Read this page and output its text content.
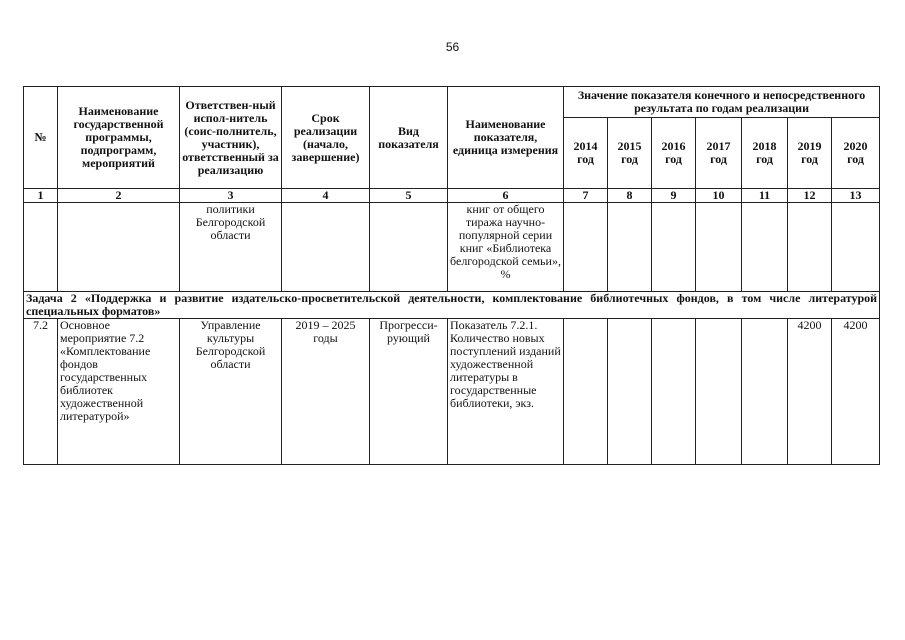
56
№	Наименование государственной программы, подпрограмм, мероприятий	Ответствен-ный испол-нитель (соис-полнитель, участник), ответственный за реализацию	Срок реализации (начало, завершение)	Вид показателя	Наименование показателя, единица измерения	Значение показателя конечного и непосредственного результата по годам реализации						
						2014 год	2015 год	2016 год	2017 год	2018 год	2019 год	2020 год
1	2	3	4	5	6	7	8	9	10	11	12	13
		политики Белгородской области			книг от общего тиража научно-популярной серии книг «Библиотека белгородской семьи», %							
Задача 2 «Поддержка и развитие издательско-просветительской деятельности, комплектование библиотечных фондов, в том числе литературой специальных форматов»												
7.2	Основное мероприятие 7.2 «Комплектование фондов государственных библиотек художественной литературой»	Управление культуры Белгородской области	2019 – 2025 годы	Прогресси-рующий	Показатель 7.2.1. Количество новых поступлений изданий художественной литературы в государственные библиотеки, экз.						4200	4200
